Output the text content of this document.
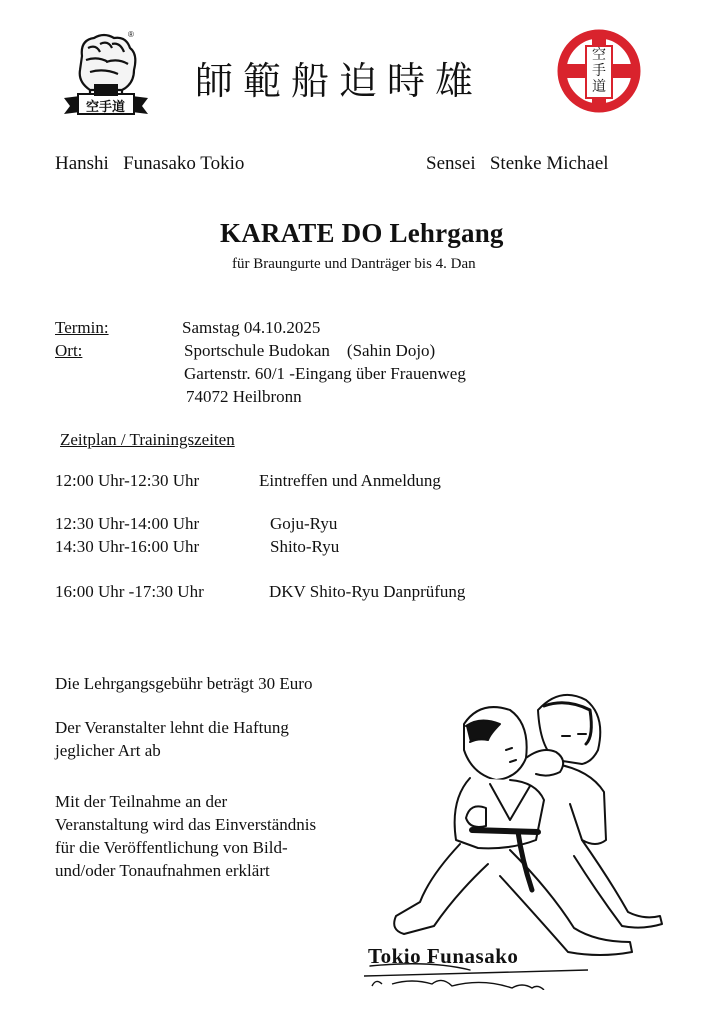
空手道
®
師範船迫時雄
空手道
Hanshi   Funasako Tokio	Sensei   Stenke Michael
KARATE DO Lehrgang
für Braungurte und Danträger bis 4. Dan
Termin:	Samstag 04.10.2025
Ort:	Sportschule Budokan    (Sahin Dojo)
Gartenstr. 60/1 -Eingang über Frauenweg
74072 Heilbronn
Zeitplan / Trainingszeiten
12:00 Uhr-12:30 Uhr	Eintreffen und Anmeldung
12:30 Uhr-14:00 Uhr	Goju-Ryu
14:30 Uhr-16:00 Uhr	Shito-Ryu
16:00 Uhr -17:30 Uhr	DKV Shito-Ryu Danprüfung
Die Lehrgangsgebühr beträgt 30 Euro
Der Veranstalter lehnt die Haftung
jeglicher Art ab
Mit der Teilnahme an der
Veranstaltung wird das Einverständnis
für die Veröffentlichung von Bild-
und/oder Tonaufnahmen erklärt
Tokio Funasako
